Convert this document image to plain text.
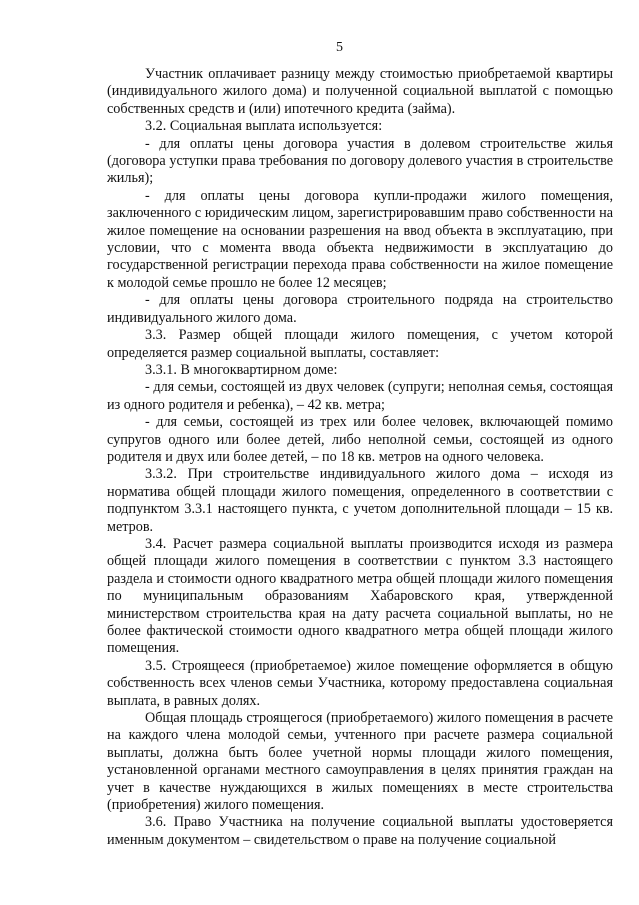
5

Участник оплачивает разницу между стоимостью приобретаемой квартиры (индивидуального жилого дома) и полученной социальной выплатой с помощью собственных средств и (или) ипотечного кредита (займа).

3.2. Социальная выплата используется:

- для оплаты цены договора участия в долевом строительстве жилья (договора уступки права требования по договору долевого участия в строительстве жилья);

- для оплаты цены договора купли-продажи жилого помещения, заключенного с юридическим лицом, зарегистрировавшим право собственности на жилое помещение на основании разрешения на ввод объекта в эксплуатацию, при условии, что с момента ввода объекта недвижимости в эксплуатацию до государственной регистрации перехода права собственности на жилое помещение к молодой семье прошло не более 12 месяцев;

- для оплаты цены договора строительного подряда на строительство индивидуального жилого дома.

3.3. Размер общей площади жилого помещения, с учетом которой определяется размер социальной выплаты, составляет:

3.3.1. В многоквартирном доме:

- для семьи, состоящей из двух человек (супруги; неполная семья, состоящая из одного родителя и ребенка), – 42 кв. метра;

- для семьи, состоящей из трех или более человек, включающей помимо супругов одного или более детей, либо неполной семьи, состоящей из одного родителя и двух или более детей, – по 18 кв. метров на одного человека.

3.3.2. При строительстве индивидуального жилого дома – исходя из норматива общей площади жилого помещения, определенного в соответствии с подпунктом 3.3.1 настоящего пункта, с учетом дополнительной площади – 15 кв. метров.

3.4. Расчет размера социальной выплаты производится исходя из размера общей площади жилого помещения в соответствии с пунктом 3.3 настоящего раздела и стоимости одного квадратного метра общей площади жилого помещения по муниципальным образованиям Хабаровского края, утвержденной министерством строительства края на дату расчета социальной выплаты, но не более фактической стоимости одного квадратного метра общей площади жилого помещения.

3.5. Строящееся (приобретаемое) жилое помещение оформляется в общую собственность всех членов семьи Участника, которому предоставлена социальная выплата, в равных долях.

Общая площадь строящегося (приобретаемого) жилого помещения в расчете на каждого члена молодой семьи, учтенного при расчете размера социальной выплаты, должна быть более учетной нормы площади жилого помещения, установленной органами местного самоуправления в целях принятия граждан на учет в качестве нуждающихся в жилых помещениях в месте строительства (приобретения) жилого помещения.

3.6. Право Участника на получение социальной выплаты удостоверяется именным документом – свидетельством о праве на получение социальной
